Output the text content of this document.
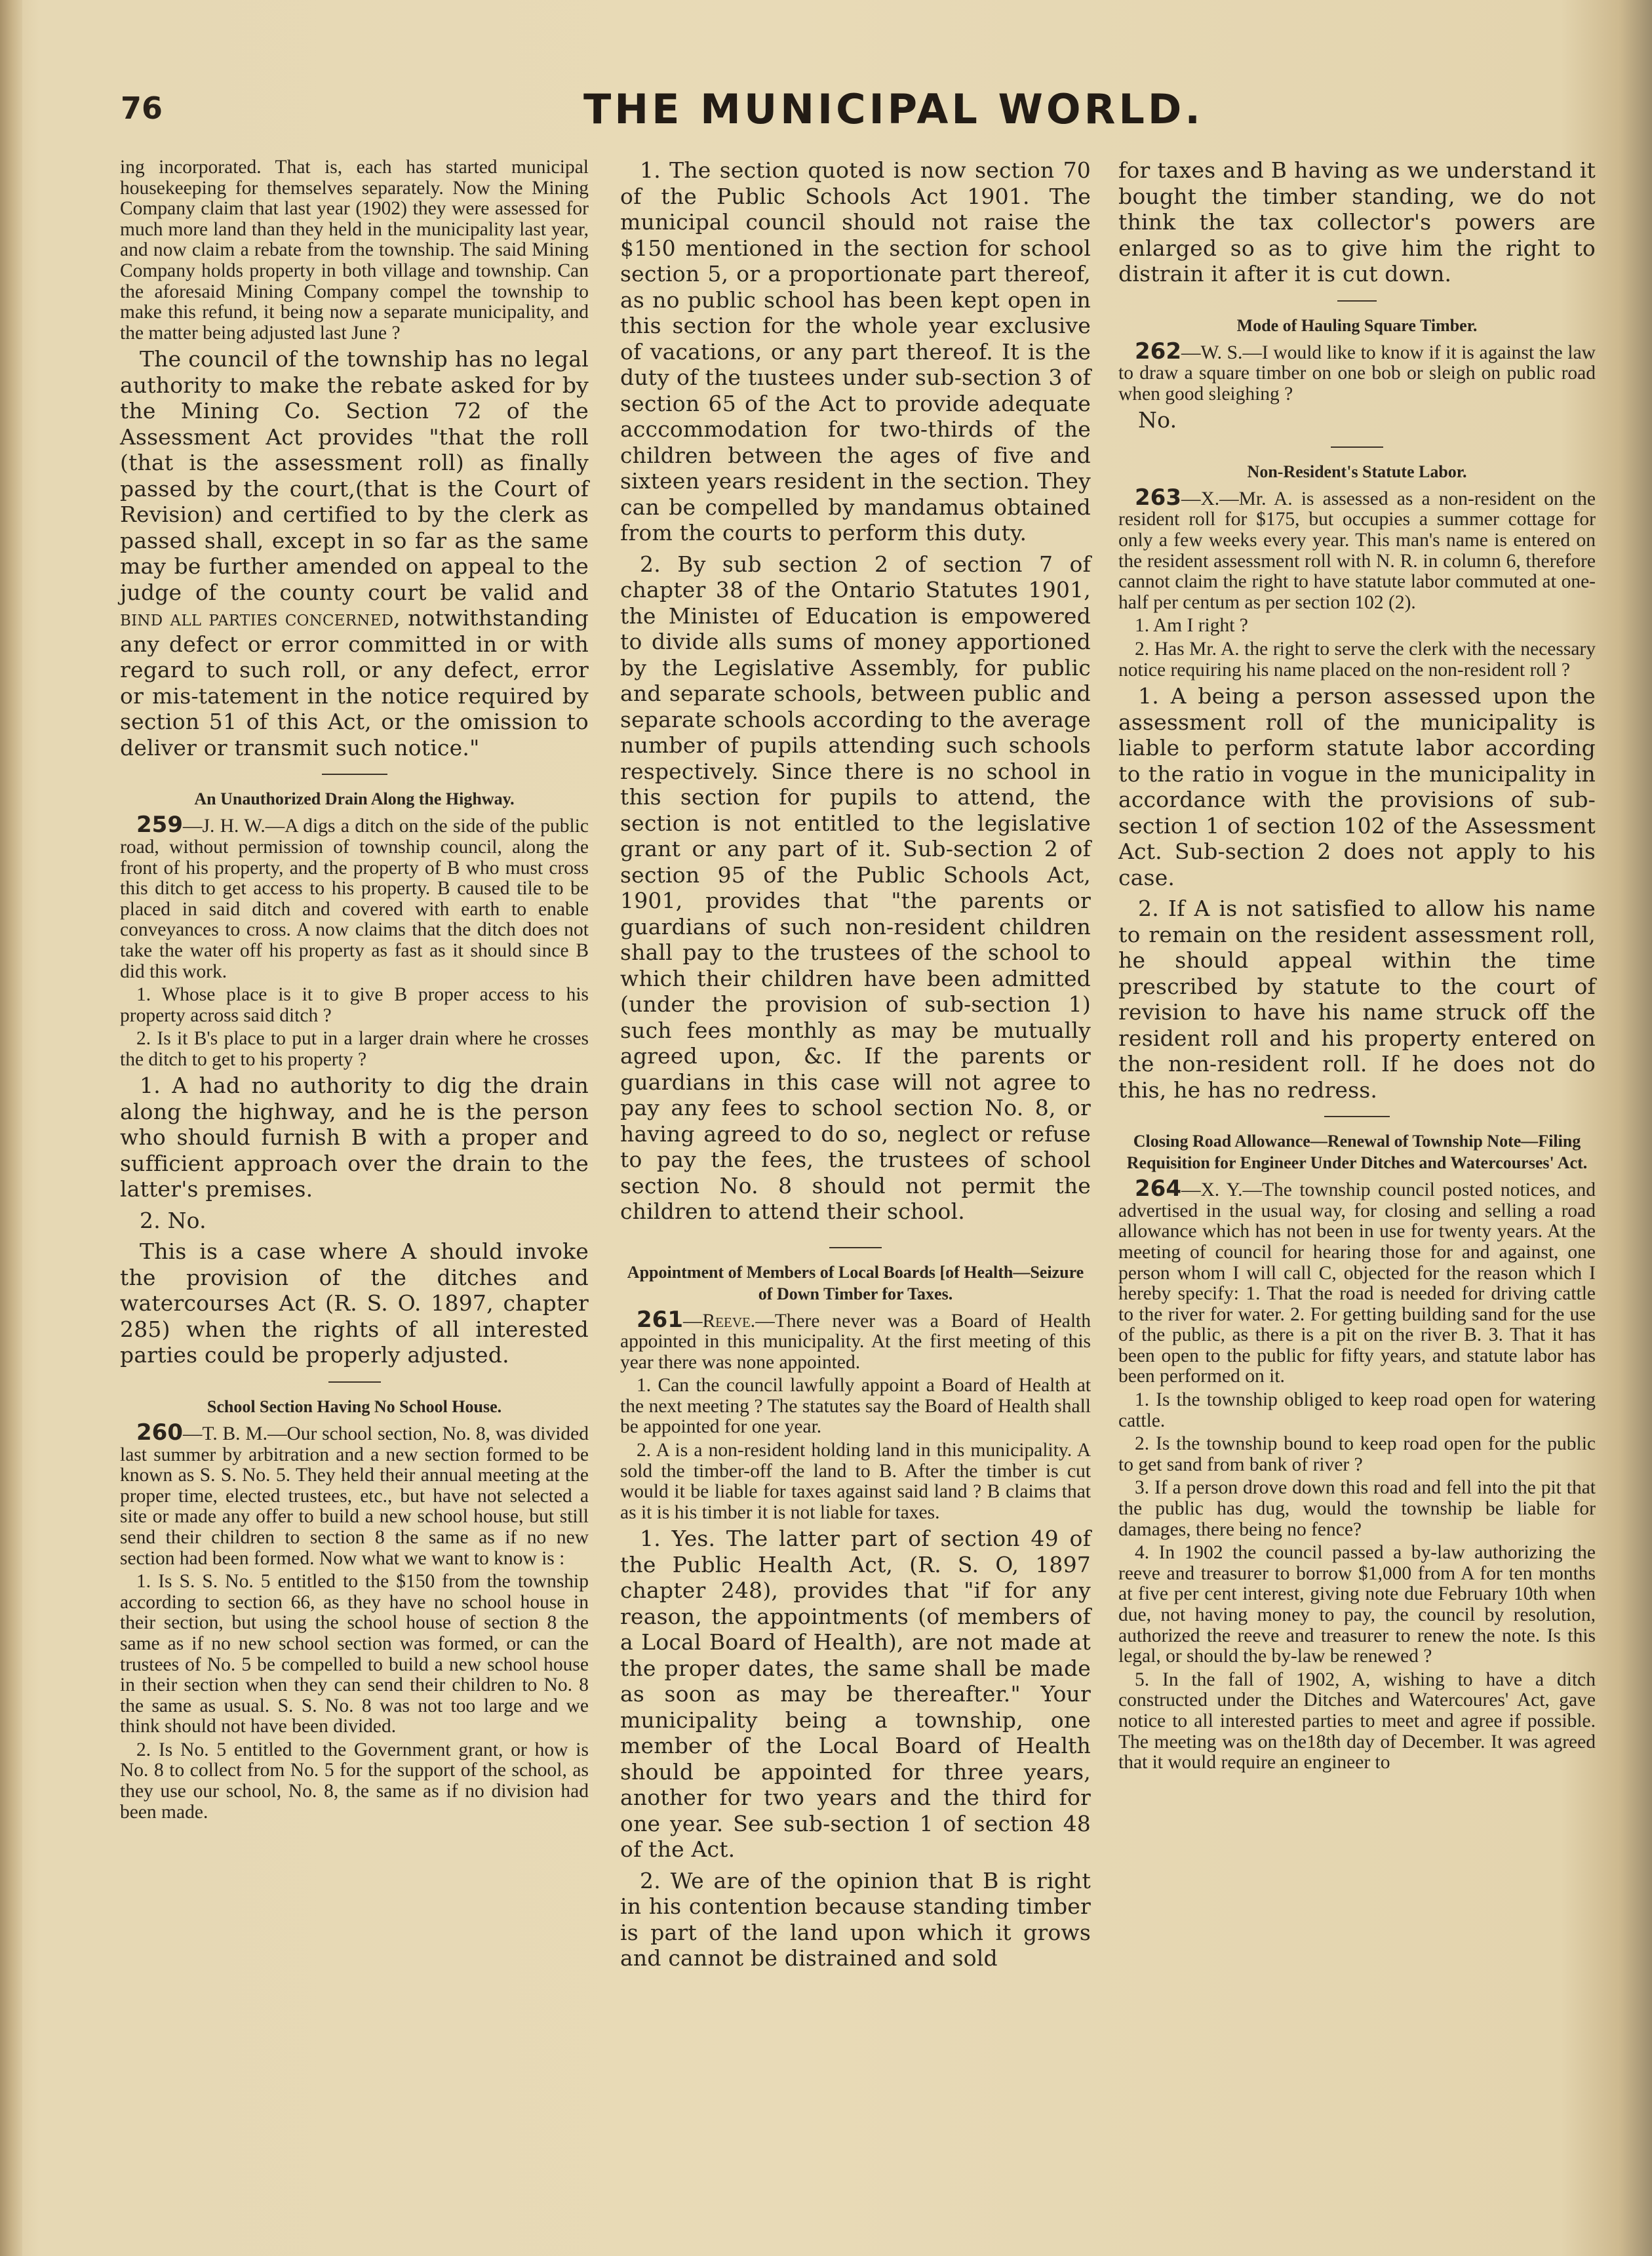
76	THE MUNICIPAL WORLD.

ing incorporated. That is, each has started municipal housekeeping for themselves separately. Now the Mining Company claim that last year (1902) they were assessed for much more land than they held in the municipality last year, and now claim a rebate from the township. The said Mining Company holds property in both village and township. Can the aforesaid Mining Company compel the township to make this refund, it being now a separate municipality, and the matter being adjusted last June ?

The council of the township has no legal authority to make the rebate asked for by the Mining Co. Section 72 of the Assessment Act provides "that the roll (that is the assessment roll) as finally passed by the court,(that is the Court of Revision) and certified to by the clerk as passed shall, except in so far as the same may be further amended on appeal to the judge of the county court be valid and bind all parties concerned, notwithstanding any defect or error committed in or with regard to such roll, or any defect, error or mis-tatement in the notice required by section 51 of this Act, or the omission to deliver or transmit such notice."

An Unauthorized Drain Along the Highway.

259—J. H. W.—A digs a ditch on the side of the public road, without permission of township council, along the front of his property, and the property of B who must cross this ditch to get access to his property. B caused tile to be placed in said ditch and covered with earth to enable conveyances to cross. A now claims that the ditch does not take the water off his property as fast as it should since B did this work.

1. Whose place is it to give B proper access to his property across said ditch ?

2. Is it B's place to put in a larger drain where he crosses the ditch to get to his property ?

1. A had no authority to dig the drain along the highway, and he is the person who should furnish B with a proper and sufficient approach over the drain to the latter's premises.

2. No.

This is a case where A should invoke the provision of the ditches and watercourses Act (R. S. O. 1897, chapter 285) when the rights of all interested parties could be properly adjusted.

School Section Having No School House.

260—T. B. M.—Our school section, No. 8, was divided last summer by arbitration and a new section formed to be known as S. S. No. 5. They held their annual meeting at the proper time, elected trustees, etc., but have not selected a site or made any offer to build a new school house, but still send their children to section 8 the same as if no new section had been formed. Now what we want to know is :

1. Is S. S. No. 5 entitled to the $150 from the township according to section 66, as they have no school house in their section, but using the school house of section 8 the same as if no new school section was formed, or can the trustees of No. 5 be compelled to build a new school house in their section when they can send their children to No. 8 the same as usual. S. S. No. 8 was not too large and we think should not have been divided.

2. Is No. 5 entitled to the Government grant, or how is No. 8 to collect from No. 5 for the support of the school, as they use our school, No. 8, the same as if no division had been made.

1. The section quoted is now section 70 of the Public Schools Act 1901. The municipal council should not raise the $150 mentioned in the section for school section 5, or a proportionate part thereof, as no public school has been kept open in this section for the whole year exclusive of vacations, or any part thereof. It is the duty of the tıustees under sub-section 3 of section 65 of the Act to provide adequate acccommodation for two-thirds of the children between the ages of five and sixteen years resident in the section. They can be compelled by mandamus obtained from the courts to perform this duty.

2. By sub section 2 of section 7 of chapter 38 of the Ontario Statutes 1901, the Ministeı of Education is empowered to divide alls sums of money apportioned by the Legislative Assembly, for public and separate schools, between public and separate schools according to the average number of pupils attending such schools respectively. Since there is no school in this section for pupils to attend, the section is not entitled to the legislative grant or any part of it. Sub-section 2 of section 95 of the Public Schools Act, 1901, provides that "the parents or guardians of such non-resident children shall pay to the trustees of the school to which their children have been admitted (under the provision of sub-section 1) such fees monthly as may be mutually agreed upon, &c. If the parents or guardians in this case will not agree to pay any fees to school section No. 8, or having agreed to do so, neglect or refuse to pay the fees, the trustees of school section No. 8 should not permit the children to attend their school.

Appointment of Members of Local Boards [of Health—Seizure of Down Timber for Taxes.

261—Reeve.—There never was a Board of Health appointed in this municipality. At the first meeting of this year there was none appointed.

1. Can the council lawfully appoint a Board of Health at the next meeting ? The statutes say the Board of Health shall be appointed for one year.

2. A is a non-resident holding land in this municipality. A sold the timber-off the land to B. After the timber is cut would it be liable for taxes against said land ? B claims that as it is his timber it is not liable for taxes.

1. Yes. The latter part of section 49 of the Public Health Act, (R. S. O, 1897 chapter 248), provides that "if for any reason, the appointments (of members of a Local Board of Health), are not made at the proper dates, the same shall be made as soon as may be thereafter." Your municipality being a township, one member of the Local Board of Health should be appointed for three years, another for two years and the third for one year. See sub-section 1 of section 48 of the Act.

2. We are of the opinion that B is right in his contention because standing timber is part of the land upon which it grows and cannot be distrained and sold

for taxes and B having as we understand it bought the timber standing, we do not think the tax collector's powers are enlarged so as to give him the right to distrain it after it is cut down.

Mode of Hauling Square Timber.

262—W. S.—I would like to know if it is against the law to draw a square timber on one bob or sleigh on public road when good sleighing ?

No.

Non-Resident's Statute Labor.

263—X.—Mr. A. is assessed as a non-resident on the resident roll for $175, but occupies a summer cottage for only a few weeks every year. This man's name is entered on the resident assessment roll with N. R. in column 6, therefore cannot claim the right to have statute labor commuted at one-half per centum as per section 102 (2).

1. Am I right ?

2. Has Mr. A. the right to serve the clerk with the necessary notice requiring his name placed on the non-resident roll ?

1. A being a person assessed upon the assessment roll of the municipality is liable to perform statute labor according to the ratio in vogue in the municipality in accordance with the provisions of sub-section 1 of section 102 of the Assessment Act. Sub-section 2 does not apply to his case.

2. If A is not satisfied to allow his name to remain on the resident assessment roll, he should appeal within the time prescribed by statute to the court of revision to have his name struck off the resident roll and his property entered on the non-resident roll. If he does not do this, he has no redress.

Closing Road Allowance—Renewal of Township Note—Filing Requisition for Engineer Under Ditches and Watercourses' Act.

264—X. Y.—The township council posted notices, and advertised in the usual way, for closing and selling a road allowance which has not been in use for twenty years. At the meeting of council for hearing those for and against, one person whom I will call C, objected for the reason which I hereby specify: 1. That the road is needed for driving cattle to the river for water. 2. For getting building sand for the use of the public, as there is a pit on the river B. 3. That it has been open to the public for fifty years, and statute labor has been performed on it.

1. Is the township obliged to keep road open for watering cattle.

2. Is the township bound to keep road open for the public to get sand from bank of river ?

3. If a person drove down this road and fell into the pit that the public has dug, would the township be liable for damages, there being no fence?

4. In 1902 the council passed a by-law authorizing the reeve and treasurer to borrow $1,000 from A for ten months at five per cent interest, giving note due February 10th when due, not having money to pay, the council by resolution, authorized the reeve and treasurer to renew the note. Is this legal, or should the by-law be renewed ?

5. In the fall of 1902, A, wishing to have a ditch constructed under the Ditches and Watercoures' Act, gave notice to all interested parties to meet and agree if possible. The meeting was on the18th day of December. It was agreed that it would require an engineer to
